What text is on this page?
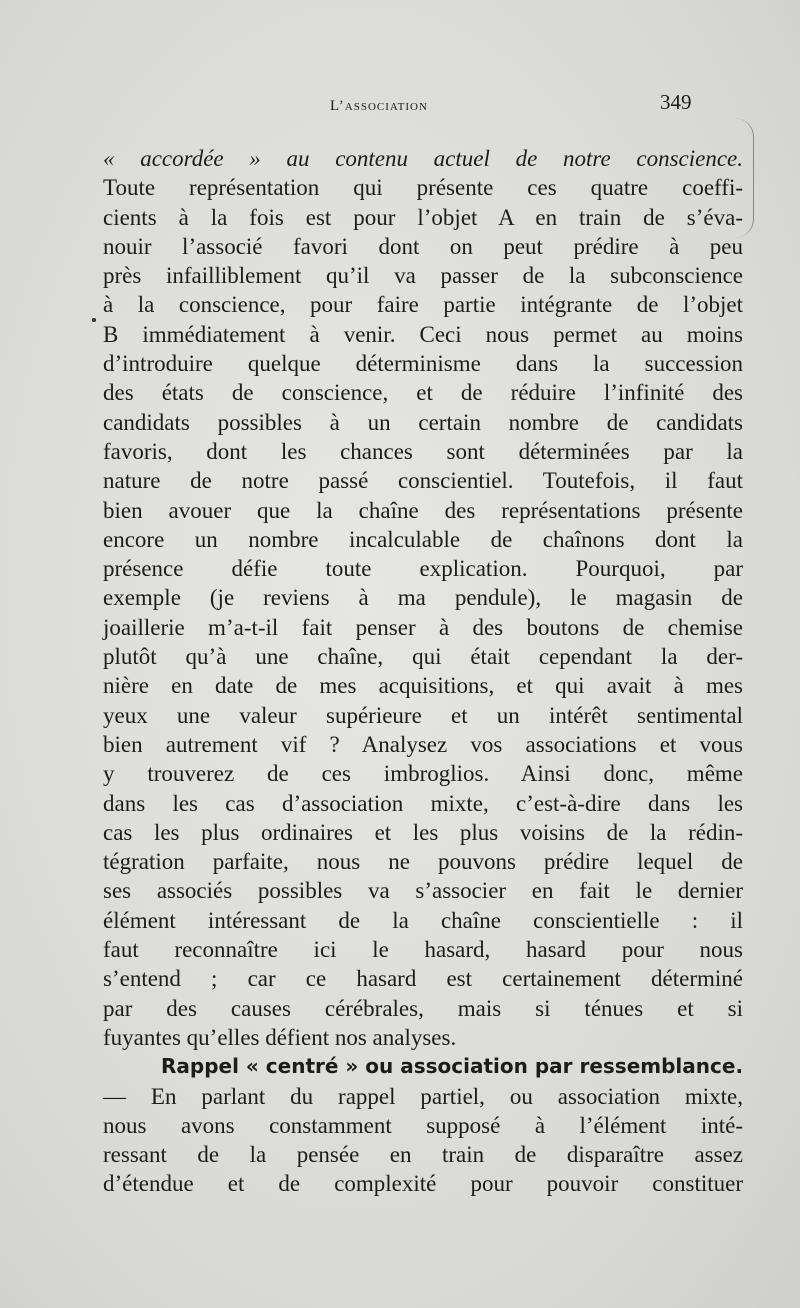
L’association	349
« accordée » au contenu actuel de notre conscience.
Toute représentation qui présente ces quatre coeffi-
cients à la fois est pour l’objet A en train de s’éva-
nouir l’associé favori dont on peut prédire à peu
près infailliblement qu’il va passer de la subconscience
à la conscience, pour faire partie intégrante de l’objet
B immédiatement à venir. Ceci nous permet au moins
d’introduire quelque déterminisme dans la succession
des états de conscience, et de réduire l’infinité des
candidats possibles à un certain nombre de candidats
favoris, dont les chances sont déterminées par la
nature de notre passé conscientiel. Toutefois, il faut
bien avouer que la chaîne des représentations présente
encore un nombre incalculable de chaînons dont la
présence défie toute explication. Pourquoi, par
exemple (je reviens à ma pendule), le magasin de
joaillerie m’a-t-il fait penser à des boutons de chemise
plutôt qu’à une chaîne, qui était cependant la der-
nière en date de mes acquisitions, et qui avait à mes
yeux une valeur supérieure et un intérêt sentimental
bien autrement vif ? Analysez vos associations et vous
y trouverez de ces imbroglios. Ainsi donc, même
dans les cas d’association mixte, c’est-à-dire dans les
cas les plus ordinaires et les plus voisins de la rédin-
tégration parfaite, nous ne pouvons prédire lequel de
ses associés possibles va s’associer en fait le dernier
élément intéressant de la chaîne conscientielle : il
faut reconnaître ici le hasard, hasard pour nous
s’entend ; car ce hasard est certainement déterminé
par des causes cérébrales, mais si ténues et si
fuyantes qu’elles défient nos analyses.
Rappel « centré » ou association par ressemblance.
— En parlant du rappel partiel, ou association mixte,
nous avons constamment supposé à l’élément inté-
ressant de la pensée en train de disparaître assez
d’étendue et de complexité pour pouvoir constituer
